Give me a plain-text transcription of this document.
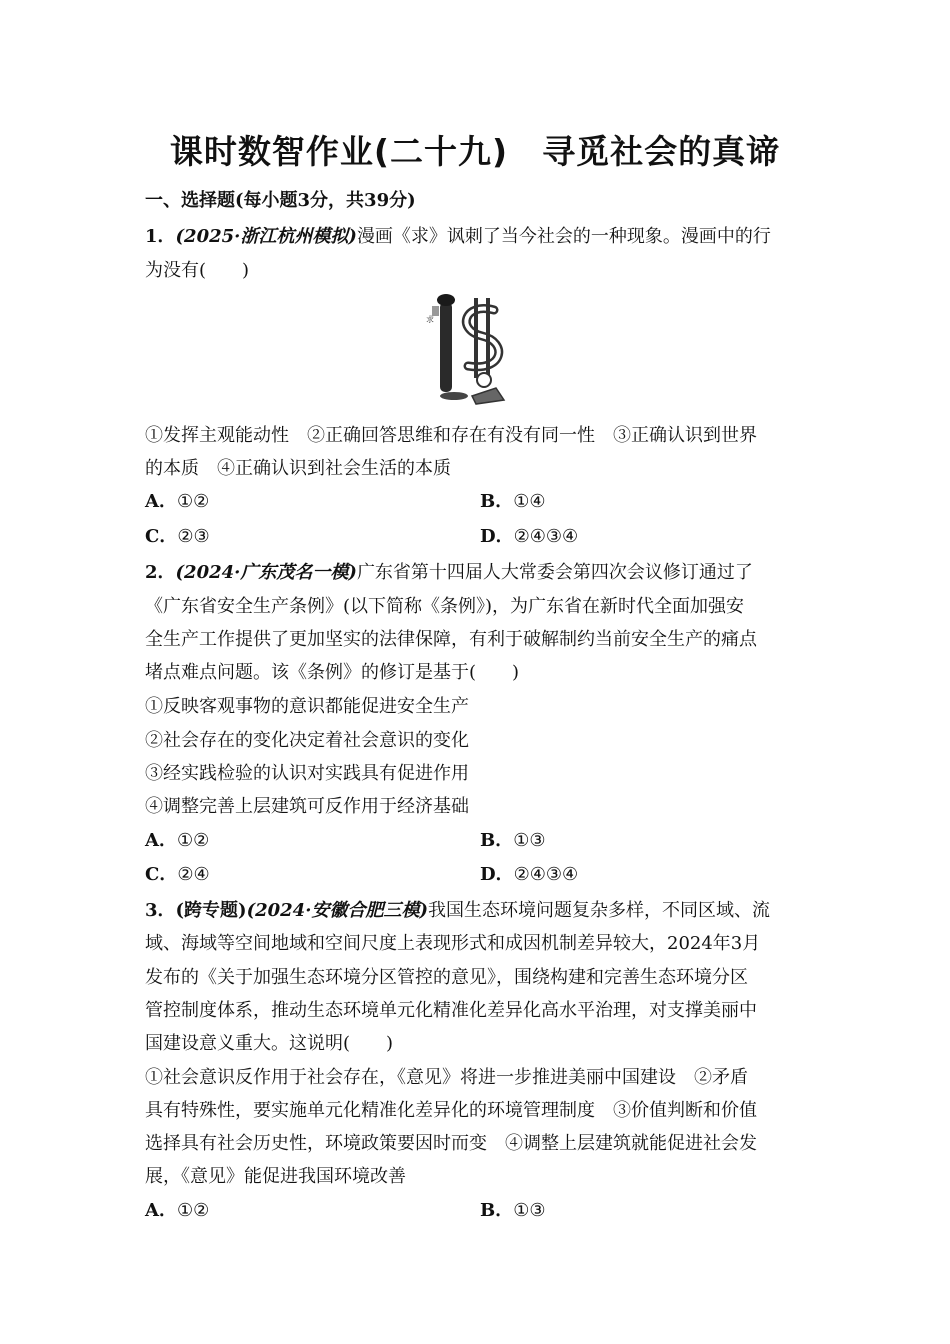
课时数智作业(二十九)　寻觅社会的真谛
一、选择题(每小题3分，共39分)
1．(2025·浙江杭州模拟)漫画《求》讽刺了当今社会的一种现象。漫画中的行
为没有(　　)
求
①发挥主观能动性　②正确回答思维和存在有没有同一性　③正确认识到世界
的本质　④正确认识到社会生活的本质
A．①②	B．①④
C．②③	D．②④③④
2．(2024·广东茂名一模)广东省第十四届人大常委会第四次会议修订通过了
《广东省安全生产条例》(以下简称《条例》)，为广东省在新时代全面加强安
全生产工作提供了更加坚实的法律保障，有利于破解制约当前安全生产的痛点
堵点难点问题。该《条例》的修订是基于(　　)
①反映客观事物的意识都能促进安全生产
②社会存在的变化决定着社会意识的变化
③经实践检验的认识对实践具有促进作用
④调整完善上层建筑可反作用于经济基础
A．①②	B．①③
C．②④	D．②④③④
3．(跨专题)(2024·安徽合肥三模)我国生态环境问题复杂多样，不同区域、流
域、海域等空间地域和空间尺度上表现形式和成因机制差异较大，2024年3月
发布的《关于加强生态环境分区管控的意见》，围绕构建和完善生态环境分区
管控制度体系，推动生态环境单元化精准化差异化高水平治理，对支撑美丽中
国建设意义重大。这说明(　　)
①社会意识反作用于社会存在，《意见》将进一步推进美丽中国建设　②矛盾
具有特殊性，要实施单元化精准化差异化的环境管理制度　③价值判断和价值
选择具有社会历史性，环境政策要因时而变　④调整上层建筑就能促进社会发
展，《意见》能促进我国环境改善
A．①②	B．①③
